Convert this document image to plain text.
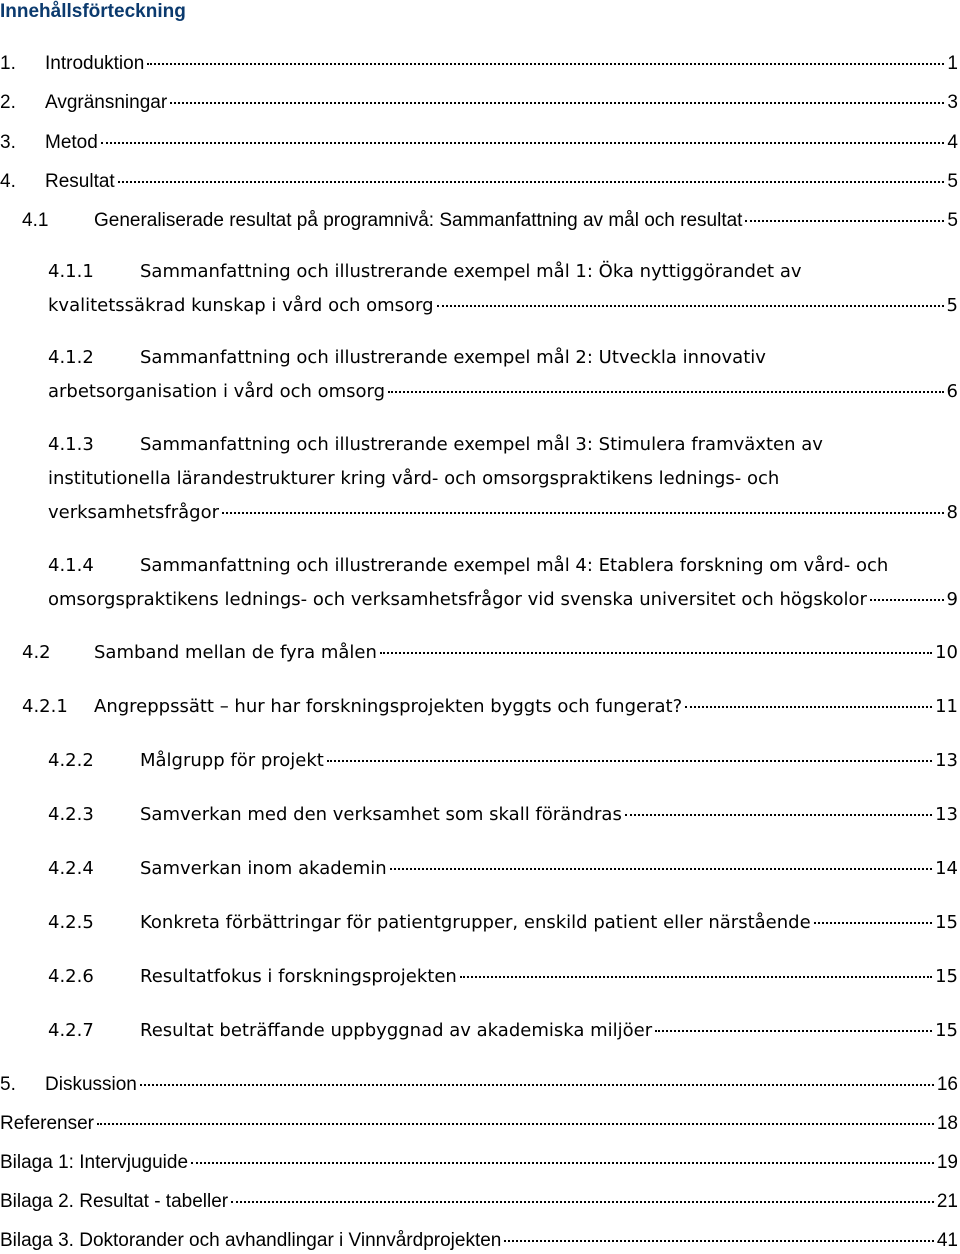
Innehållsförteckning
1.	Introduktion	1
2.	Avgränsningar	3
3.	Metod	4
4.	Resultat	5
4.1	Generaliserade resultat på programnivå: Sammanfattning av mål och resultat	5
4.1.1	Sammanfattning och illustrerande exempel mål 1: Öka nyttiggörandet av
kvalitetssäkrad kunskap i vård och omsorg	5
4.1.2	Sammanfattning och illustrerande exempel mål 2: Utveckla innovativ
arbetsorganisation i vård och omsorg	6
4.1.3	Sammanfattning och illustrerande exempel mål 3: Stimulera framväxten av
institutionella lärandestrukturer kring vård- och omsorgspraktikens lednings- och
verksamhetsfrågor	8
4.1.4	Sammanfattning och illustrerande exempel mål 4: Etablera forskning om vård- och
omsorgspraktikens lednings- och verksamhetsfrågor vid svenska universitet och högskolor	9
4.2	Samband mellan de fyra målen	10
4.2.1	Angreppssätt – hur har forskningsprojekten byggts och fungerat?	11
4.2.2	Målgrupp för projekt	13
4.2.3	Samverkan med den verksamhet som skall förändras	13
4.2.4	Samverkan inom akademin	14
4.2.5	Konkreta förbättringar för patientgrupper, enskild patient eller närstående	15
4.2.6	Resultatfokus i forskningsprojekten	15
4.2.7	Resultat beträffande uppbyggnad av akademiska miljöer	15
5.	Diskussion	16
Referenser	18
Bilaga 1: Intervjuguide	19
Bilaga 2. Resultat - tabeller	21
Bilaga 3. Doktorander och avhandlingar i Vinnvårdprojekten	41
